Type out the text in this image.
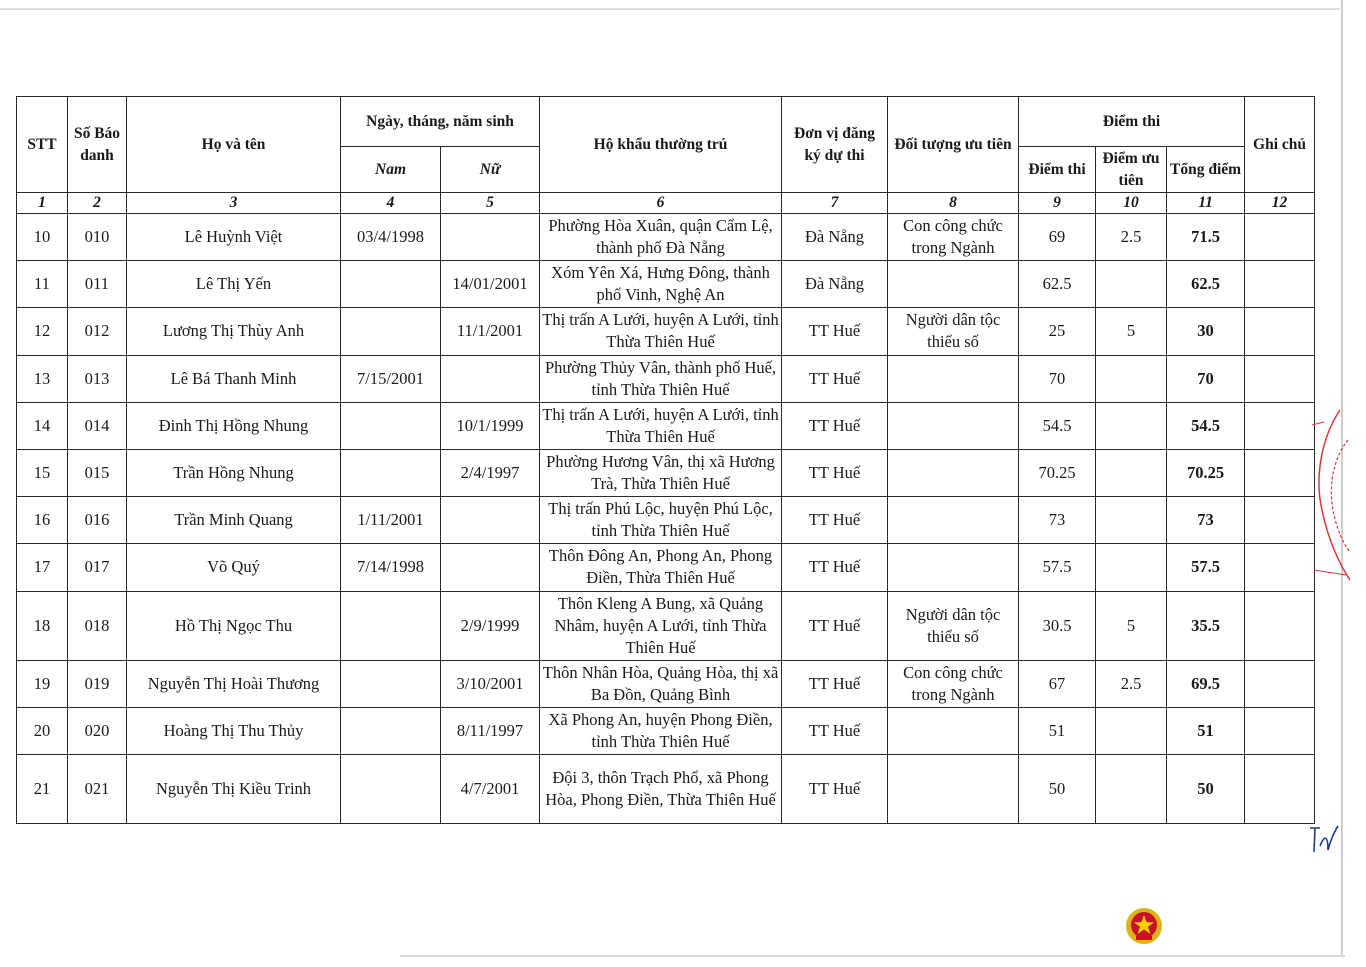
STT	Số Báo danh	Họ và tên	Ngày, tháng, năm sinh		Hộ khẩu thường trú	Đơn vị đăng ký dự thi	Đối tượng ưu tiên	Điểm thi			Ghi chú
			Nam	Nữ				Điểm thi	Điểm ưu tiên	Tổng điểm	
1	2	3	4	5	6	7	8	9	10	11	12
10	010	Lê Huỳnh Việt	03/4/1998		Phường Hòa Xuân, quận Cẩm Lệ, thành phố Đà Nẵng	Đà Nẵng	Con công chức trong Ngành	69	2.5	71.5	
11	011	Lê Thị Yến		14/01/2001	Xóm Yên Xá, Hưng Đông, thành phố Vinh, Nghệ An	Đà Nẵng		62.5		62.5	
12	012	Lương Thị Thùy Anh		11/1/2001	Thị trấn A Lưới, huyện A Lưới, tỉnh Thừa Thiên Huế	TT Huế	Người dân tộc thiểu số	25	5	30	
13	013	Lê Bá Thanh Minh	7/15/2001		Phường Thủy Vân, thành phố Huế, tỉnh Thừa Thiên Huế	TT Huế		70		70	
14	014	Đinh Thị Hồng Nhung		10/1/1999	Thị trấn A Lưới, huyện A Lưới, tỉnh Thừa Thiên Huế	TT Huế		54.5		54.5	
15	015	Trần Hồng Nhung		2/4/1997	Phường Hương Vân, thị xã Hương Trà, Thừa Thiên Huế	TT Huế		70.25		70.25	
16	016	Trần Minh Quang	1/11/2001		Thị trấn Phú Lộc, huyện Phú Lộc, tỉnh Thừa Thiên Huế	TT Huế		73		73	
17	017	Võ Quý	7/14/1998		Thôn Đông An, Phong An, Phong Điền, Thừa Thiên Huế	TT Huế		57.5		57.5	
18	018	Hồ Thị Ngọc Thu		2/9/1999	Thôn Kleng A Bung, xã Quảng Nhâm, huyện A Lưới, tỉnh Thừa Thiên Huế	TT Huế	Người dân tộc thiểu số	30.5	5	35.5	
19	019	Nguyễn Thị Hoài Thương		3/10/2001	Thôn Nhân Hòa, Quảng Hòa, thị xã Ba Đồn, Quảng Bình	TT Huế	Con công chức trong Ngành	67	2.5	69.5	
20	020	Hoàng Thị Thu Thủy		8/11/1997	Xã Phong An, huyện Phong Điền, tỉnh Thừa Thiên Huế	TT Huế		51		51	
21	021	Nguyễn Thị Kiều Trinh		4/7/2001	Đội 3, thôn Trạch Phổ, xã Phong Hòa, Phong Điền, Thừa Thiên Huế	TT Huế		50		50	
